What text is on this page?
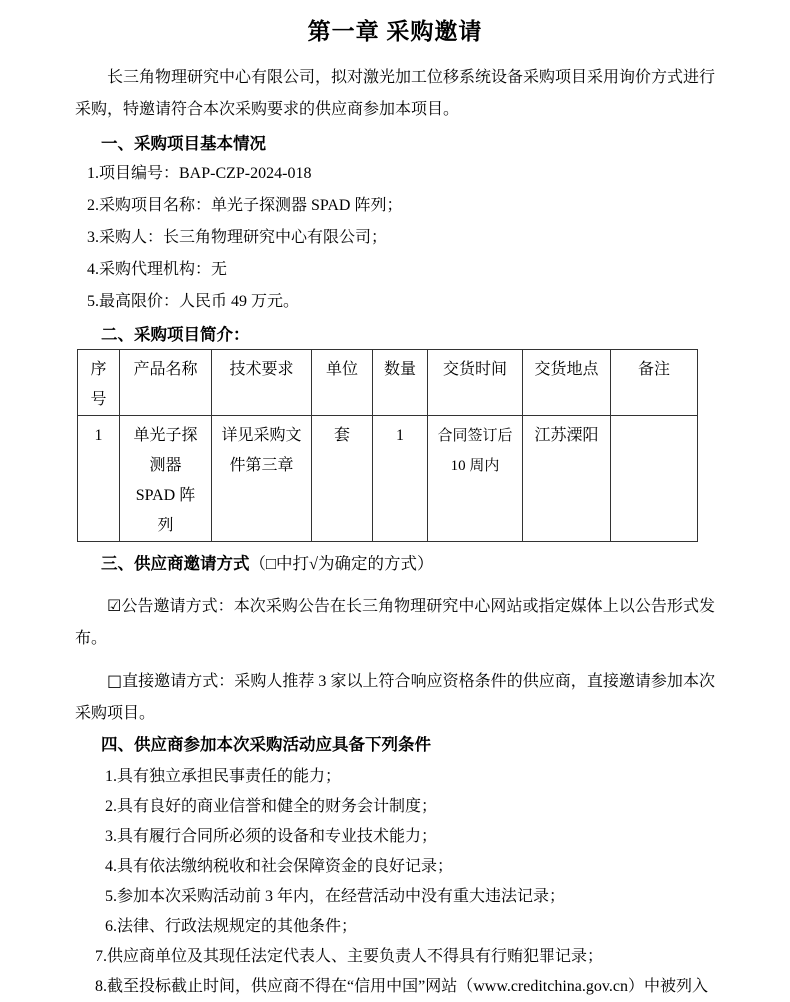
第一章 采购邀请

长三角物理研究中心有限公司，拟对激光加工位移系统设备采购项目采用询价方式进行采购，特邀请符合本次采购要求的供应商参加本项目。

一、采购项目基本情况

1.项目编号：BAP-CZP-2024-018

2.采购项目名称：单光子探测器 SPAD 阵列；

3.采购人：长三角物理研究中心有限公司；

4.采购代理机构：无

5.最高限价：人民币 49 万元。

二、采购项目简介：
序号	产品名称	技术要求	单位	数量	交货时间	交货地点	备注
1	单光子探测器 SPAD 阵列	详见采购文件第三章	套	1	合同签订后 10 周内	江苏溧阳	
三、供应商邀请方式（□中打√为确定的方式）

☑公告邀请方式：本次采购公告在长三角物理研究中心网站或指定媒体上以公告形式发布。

□直接邀请方式：采购人推荐 3 家以上符合响应资格条件的供应商，直接邀请参加本次采购项目。

四、供应商参加本次采购活动应具备下列条件

1.具有独立承担民事责任的能力；

2.具有良好的商业信誉和健全的财务会计制度；

3.具有履行合同所必须的设备和专业技术能力；

4.具有依法缴纳税收和社会保障资金的良好记录；

5.参加本次采购活动前 3 年内，在经营活动中没有重大违法记录；

6.法律、行政法规规定的其他条件；

7.供应商单位及其现任法定代表人、主要负责人不得具有行贿犯罪记录；

8.截至投标截止时间，供应商不得在“信用中国”网站（www.creditchina.gov.cn）中被列入
